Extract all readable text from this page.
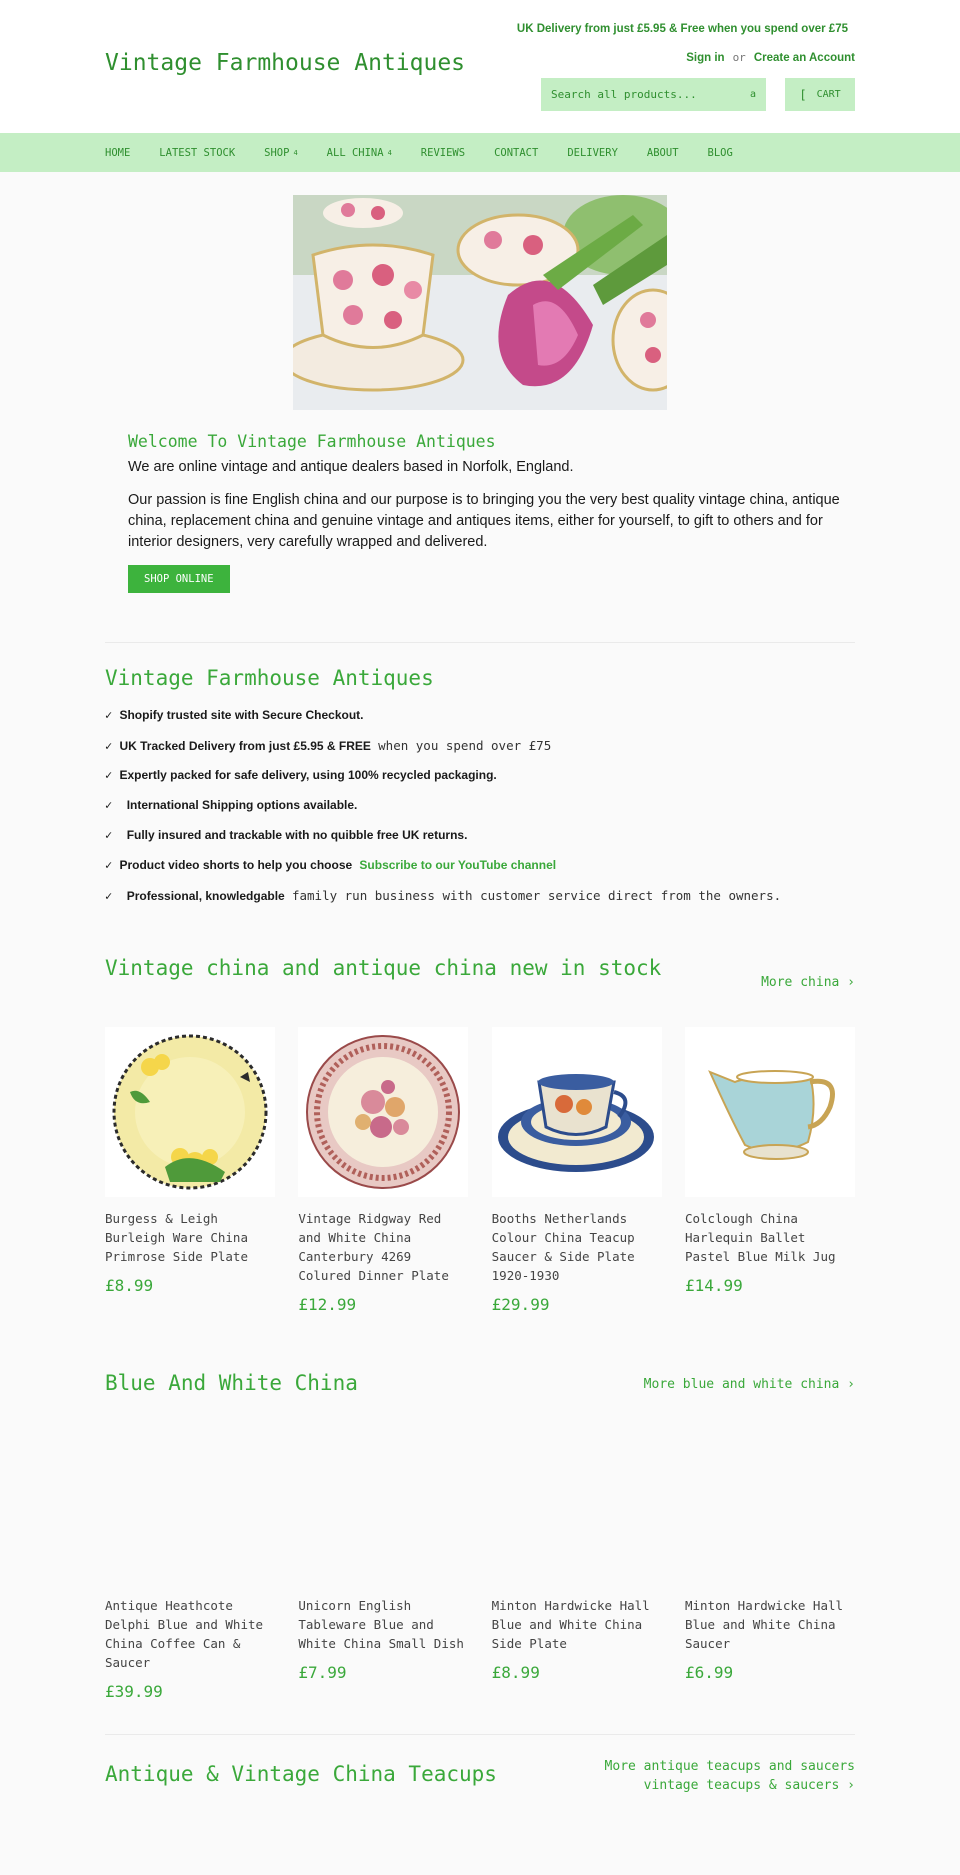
Vintage Farmhouse Antiques
UK Delivery from just £5.95 & Free when you spend over £75
Sign in or Create an Account
Search all products...
a	[ CART
HOME	LATEST STOCK	SHOP 4	ALL CHINA 4	REVIEWS	CONTACT	DELIVERY	ABOUT	BLOG
Welcome To Vintage Farmhouse Antiques

We are online vintage and antique dealers based in Norfolk, England.

Our passion is fine English china and our purpose is to bringing you the very best quality vintage china, antique china, replacement china and genuine vintage and antiques items, either for yourself, to gift to others and for interior designers, very carefully wrapped and delivered.

SHOP ONLINE
Vintage Farmhouse Antiques
✓ Shopify trusted site with Secure Checkout.
✓ UK Tracked Delivery from just £5.95 & FREE when you spend over £75
✓ Expertly packed for safe delivery, using 100% recycled packaging.
✓ International Shipping options available.
✓ Fully insured and trackable with no quibble free UK returns.
✓ Product video shorts to help you choose Subscribe to our YouTube channel
✓ Professional, knowledgable family run business with customer service direct from the owners.
Vintage china and antique china new in stock
More china ›
Burgess & Leigh Burleigh Ware China Primrose Side Plate
£8.99
Vintage Ridgway Red and White China Canterbury 4269 Colured Dinner Plate
£12.99
Booths Netherlands Colour China Teacup Saucer & Side Plate 1920-1930
£29.99
Colclough China Harlequin Ballet Pastel Blue Milk Jug
£14.99
Blue And White China	More blue and white china ›
Antique Heathcote Delphi Blue and White China Coffee Can & Saucer
£39.99
Unicorn English Tableware Blue and White China Small Dish
£7.99
Minton Hardwicke Hall Blue and White China Side Plate
£8.99
Minton Hardwicke Hall Blue and White China Saucer
£6.99
Antique & Vintage China Teacups	More antique teacups and saucers
vintage teacups & saucers ›
